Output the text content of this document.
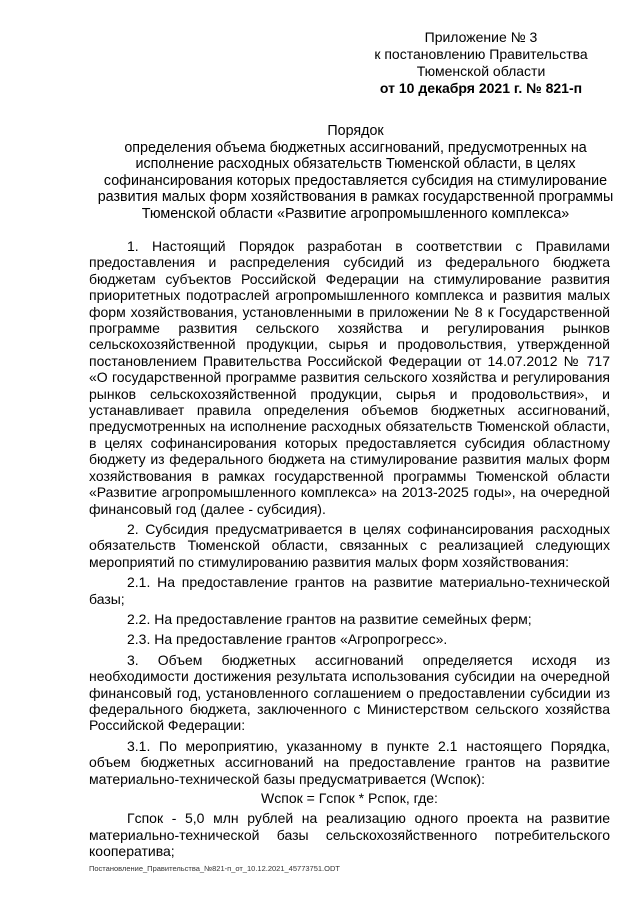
Приложение № 3
к постановлению Правительства
Тюменской области
от 10 декабря 2021 г. № 821-п
Порядок
определения объема бюджетных ассигнований, предусмотренных на
исполнение расходных обязательств Тюменской области, в целях
софинансирования которых предоставляется субсидия на стимулирование
развития малых форм хозяйствования в рамках государственной программы
Тюменской области «Развитие агропромышленного комплекса»

1. Настоящий Порядок разработан в соответствии с Правилами предоставления и распределения субсидий из федерального бюджета бюджетам субъектов Российской Федерации на стимулирование развития приоритетных подотраслей агропромышленного комплекса и развития малых форм хозяйствования, установленными в приложении № 8 к Государственной программе развития сельского хозяйства и регулирования рынков сельскохозяйственной продукции, сырья и продовольствия, утвержденной постановлением Правительства Российской Федерации от 14.07.2012 № 717 «О государственной программе развития сельского хозяйства и регулирования рынков сельскохозяйственной продукции, сырья и продовольствия», и устанавливает правила определения объемов бюджетных ассигнований, предусмотренных на исполнение расходных обязательств Тюменской области, в целях софинансирования которых предоставляется субсидия областному бюджету из федерального бюджета на стимулирование развития малых форм хозяйствования в рамках государственной программы Тюменской области «Развитие агропромышленного комплекса» на 2013-2025 годы», на очередной финансовый год (далее - субсидия).

2. Субсидия предусматривается в целях софинансирования расходных обязательств Тюменской области, связанных с реализацией следующих мероприятий по стимулированию развития малых форм хозяйствования:

2.1. На предоставление грантов на развитие материально-технической базы;

2.2. На предоставление грантов на развитие семейных ферм;

2.3. На предоставление грантов «Агропрогресс».

3. Объем бюджетных ассигнований определяется исходя из необходимости достижения результата использования субсидии на очередной финансовый год, установленного соглашением о предоставлении субсидии из федерального бюджета, заключенного с Министерством сельского хозяйства Российской Федерации:

3.1. По мероприятию, указанному в пункте 2.1 настоящего Порядка, объем бюджетных ассигнований на предоставление грантов на развитие материально-технической базы предусматривается (Wспок):

Wспок = Гспок * Рспок, где:

Гспок - 5,0 млн рублей на реализацию одного проекта на развитие материально-технической базы сельскохозяйственного потребительского кооператива;

Постановление_Правительства_№821-п_от_10.12.2021_45773751.ODT
